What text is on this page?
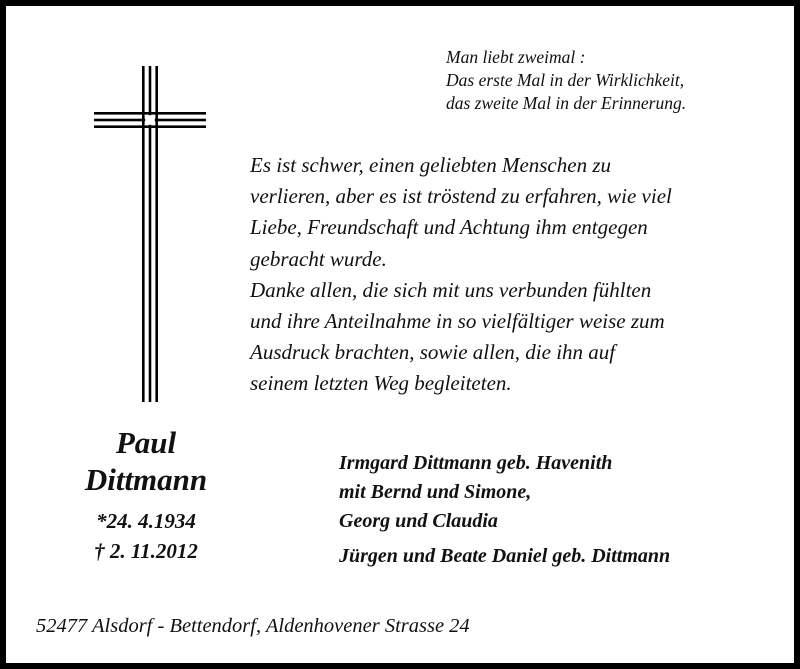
Man liebt zweimal :
Das erste Mal in der Wirklichkeit,
das zweite Mal in der Erinnerung.
Es ist schwer, einen geliebten Menschen zu
verlieren, aber es ist tröstend zu erfahren, wie viel
Liebe, Freundschaft und Achtung ihm entgegen
gebracht wurde.
Danke allen, die sich mit uns verbunden fühlten
und ihre Anteilnahme in so vielfältiger weise zum
Ausdruck brachten, sowie allen, die ihn auf
seinem letzten Weg begleiteten.
Paul
Dittmann
*24. 4.1934
† 2. 11.2012
Irmgard Dittmann geb. Havenith
mit Bernd und Simone,
Georg und Claudia
Jürgen und Beate Daniel geb. Dittmann
52477 Alsdorf - Bettendorf, Aldenhovener Strasse 24
